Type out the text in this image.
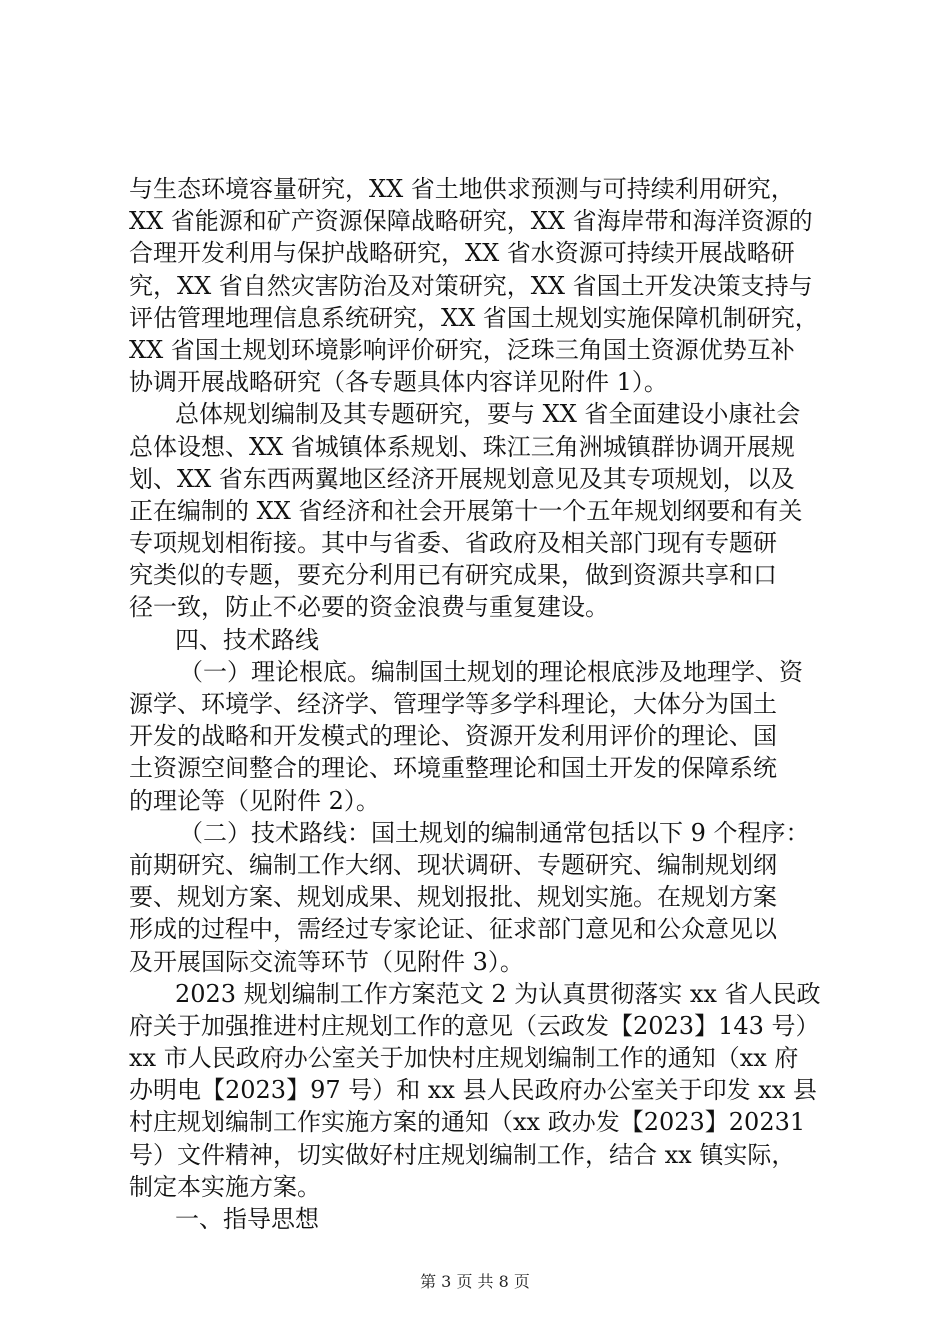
与生态环境容量研究，XX 省土地供求预测与可持续利用研究，
XX 省能源和矿产资源保障战略研究，XX 省海岸带和海洋资源的
合理开发利用与保护战略研究，XX 省水资源可持续开展战略研
究，XX 省自然灾害防治及对策研究，XX 省国土开发决策支持与
评估管理地理信息系统研究，XX 省国土规划实施保障机制研究，
XX 省国土规划环境影响评价研究，泛珠三角国土资源优势互补
协调开展战略研究（各专题具体内容详见附件 1）。
总体规划编制及其专题研究，要与 XX 省全面建设小康社会
总体设想、XX 省城镇体系规划、珠江三角洲城镇群协调开展规
划、XX 省东西两翼地区经济开展规划意见及其专项规划，以及
正在编制的 XX 省经济和社会开展第十一个五年规划纲要和有关
专项规划相衔接。其中与省委、省政府及相关部门现有专题研
究类似的专题，要充分利用已有研究成果，做到资源共享和口
径一致，防止不必要的资金浪费与重复建设。
四、技术路线
（一）理论根底。编制国土规划的理论根底涉及地理学、资
源学、环境学、经济学、管理学等多学科理论，大体分为国土
开发的战略和开发模式的理论、资源开发利用评价的理论、国
土资源空间整合的理论、环境重整理论和国土开发的保障系统
的理论等（见附件 2）。
（二）技术路线：国土规划的编制通常包括以下 9 个程序：
前期研究、编制工作大纲、现状调研、专题研究、编制规划纲
要、规划方案、规划成果、规划报批、规划实施。在规划方案
形成的过程中，需经过专家论证、征求部门意见和公众意见以
及开展国际交流等环节（见附件 3）。
2023 规划编制工作方案范文 2 为认真贯彻落实 xx 省人民政
府关于加强推进村庄规划工作的意见（云政发【2023】143 号）
xx 市人民政府办公室关于加快村庄规划编制工作的通知（xx 府
办明电【2023】97 号）和 xx 县人民政府办公室关于印发 xx 县
村庄规划编制工作实施方案的通知（xx 政办发【2023】20231
号）文件精神，切实做好村庄规划编制工作，结合 xx 镇实际，
制定本实施方案。
一、指导思想
第 3 页 共 8 页
